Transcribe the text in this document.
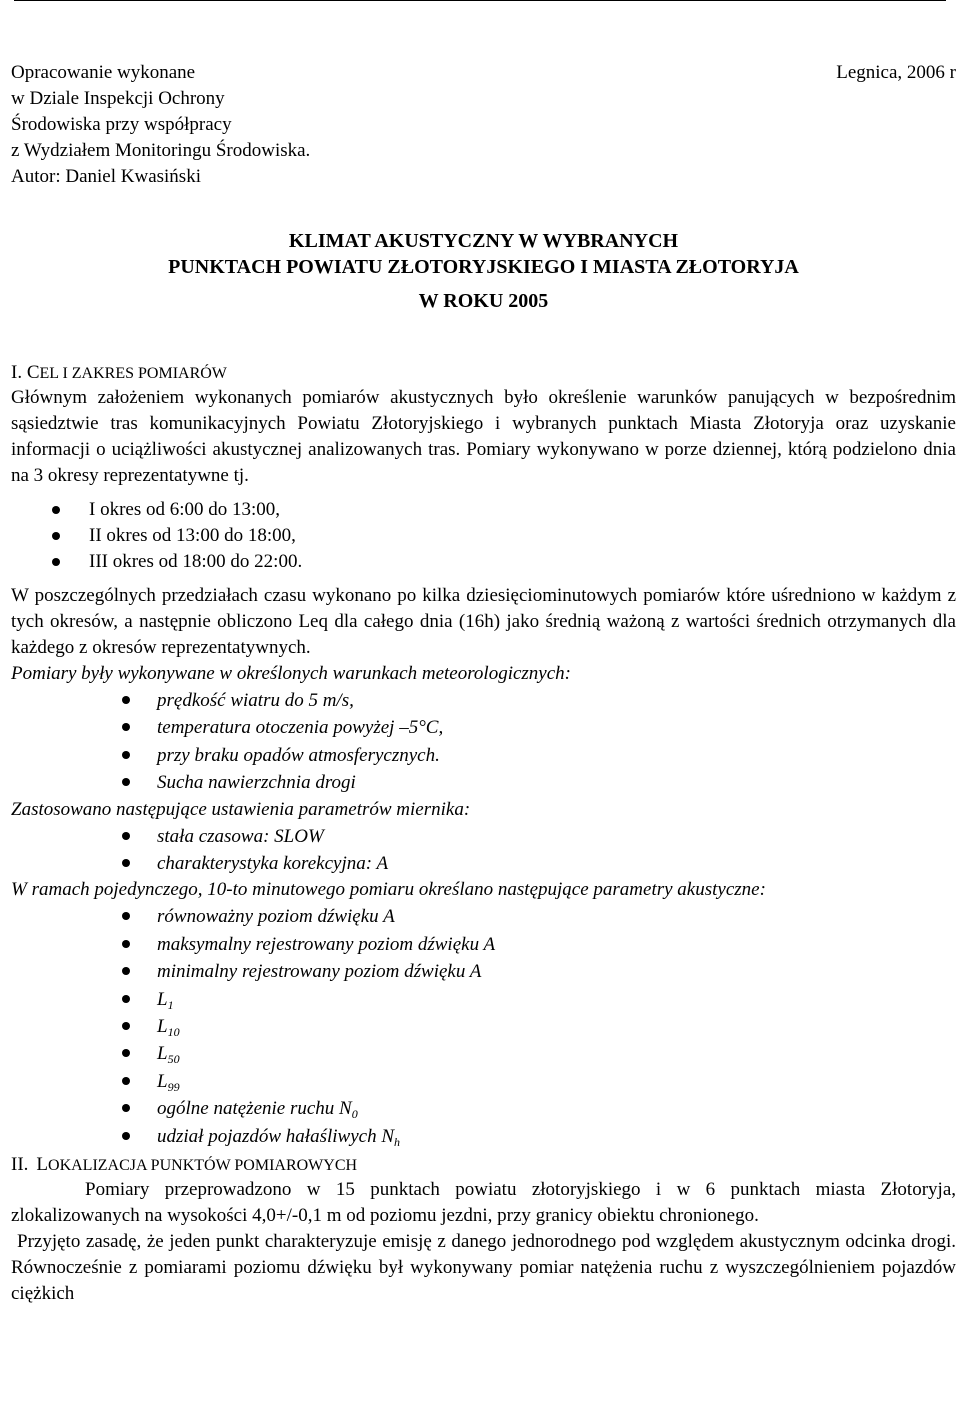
Opracowanie wykonane

w Dziale Inspekcji Ochrony

Środowiska przy współpracy

z Wydziałem Monitoringu Środowiska.

Autor: Daniel Kwasiński

Legnica, 2006 r

KLIMAT AKUSTYCZNY W WYBRANYCH

PUNKTACH POWIATU ZŁOTORYJSKIEGO I MIASTA ZŁOTORYJA

W ROKU 2005

I. CEL I ZAKRES POMIARÓW

Głównym założeniem wykonanych pomiarów akustycznych było określenie warunków panujących w bezpośrednim sąsiedztwie tras komunikacyjnych Powiatu Złotoryjskiego i wybranych punktach Miasta Złotoryja oraz uzyskanie informacji o uciążliwości akustycznej analizowanych tras. Pomiary wykonywano w porze dziennej, którą podzielono dnia na 3 okresy reprezentatywne tj.

I okres od 6:00 do 13:00,
II okres od 13:00 do 18:00,
III okres od 18:00 do 22:00.

W poszczególnych przedziałach czasu wykonano po kilka dziesięciominutowych pomiarów które uśredniono w każdym z tych okresów, a następnie obliczono Leq dla całego dnia (16h) jako średnią ważoną z wartości średnich otrzymanych dla każdego z okresów reprezentatywnych.

Pomiary były wykonywane w określonych warunkach meteorologicznych:

prędkość wiatru do 5 m/s,
temperatura otoczenia powyżej –5°C,
przy braku opadów atmosferycznych.
Sucha nawierzchnia drogi

Zastosowano następujące ustawienia parametrów miernika:

stała czasowa: SLOW
charakterystyka korekcyjna: A

W ramach pojedynczego, 10-to minutowego pomiaru określano następujące parametry akustyczne:

równoważny poziom dźwięku A
maksymalny rejestrowany poziom dźwięku A
minimalny rejestrowany poziom dźwięku A
$L_1$
$L_{10}$
$L_{50}$
$L_{99}$
ogólne natężenie ruchu $N_0$
udział pojazdów hałaśliwych $N_h$
II. LOKALIZACJA PUNKTÓW POMIAROWYCH

Pomiary przeprowadzono w 15 punktach powiatu złotoryjskiego i w 6 punktach miasta Złotoryja, zlokalizowanych na wysokości 4,0+/-0,1 m od poziomu jezdni, przy granicy obiektu chronionego.

Przyjęto zasadę, że jeden punkt charakteryzuje emisję z danego jednorodnego pod względem akustycznym odcinka drogi. Równocześnie z pomiarami poziomu dźwięku był wykonywany pomiar natężenia ruchu z wyszczególnieniem pojazdów ciężkich
